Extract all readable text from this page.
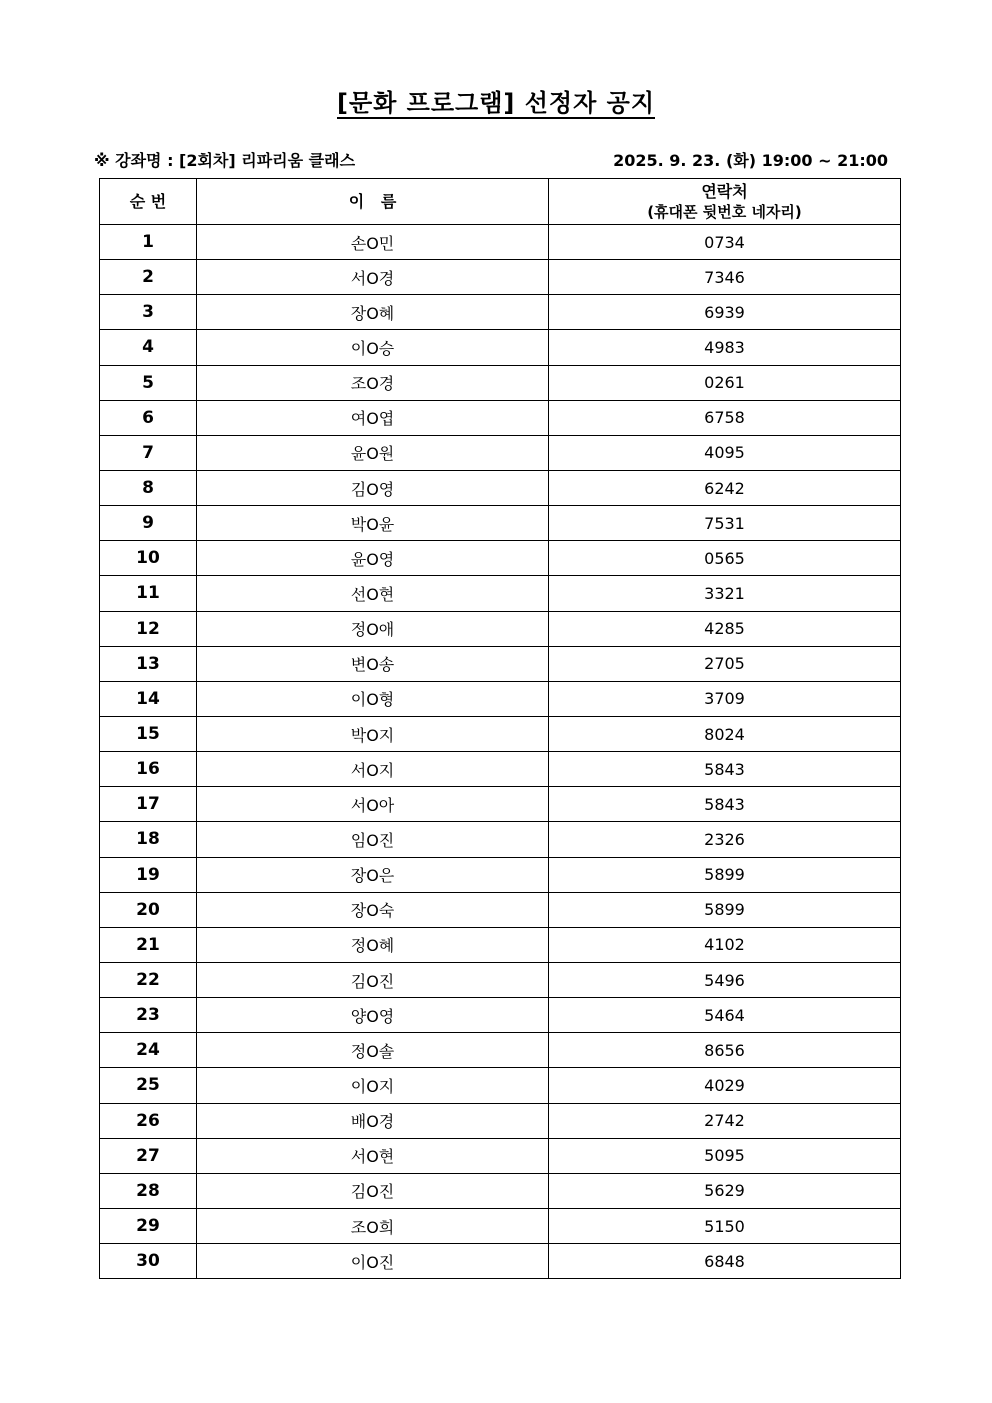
[문화 프로그램] 선정자 공지
※ 강좌명 : [2회차] 리파리움 클래스	2025. 9. 23. (화) 19:00 ~ 21:00
순 번	이   름	연락처
(휴대폰 뒷번호 네자리)

1	손O민	0734
2	서O경	7346
3	장O혜	6939
4	이O승	4983
5	조O경	0261
6	여O엽	6758
7	윤O원	4095
8	김O영	6242
9	박O윤	7531
10	윤O영	0565
11	선O현	3321
12	정O애	4285
13	변O송	2705
14	이O형	3709
15	박O지	8024
16	서O지	5843
17	서O아	5843
18	임O진	2326
19	장O은	5899
20	장O숙	5899
21	정O혜	4102
22	김O진	5496
23	양O영	5464
24	정O솔	8656
25	이O지	4029
26	배O경	2742
27	서O현	5095
28	김O진	5629
29	조O희	5150
30	이O진	6848
